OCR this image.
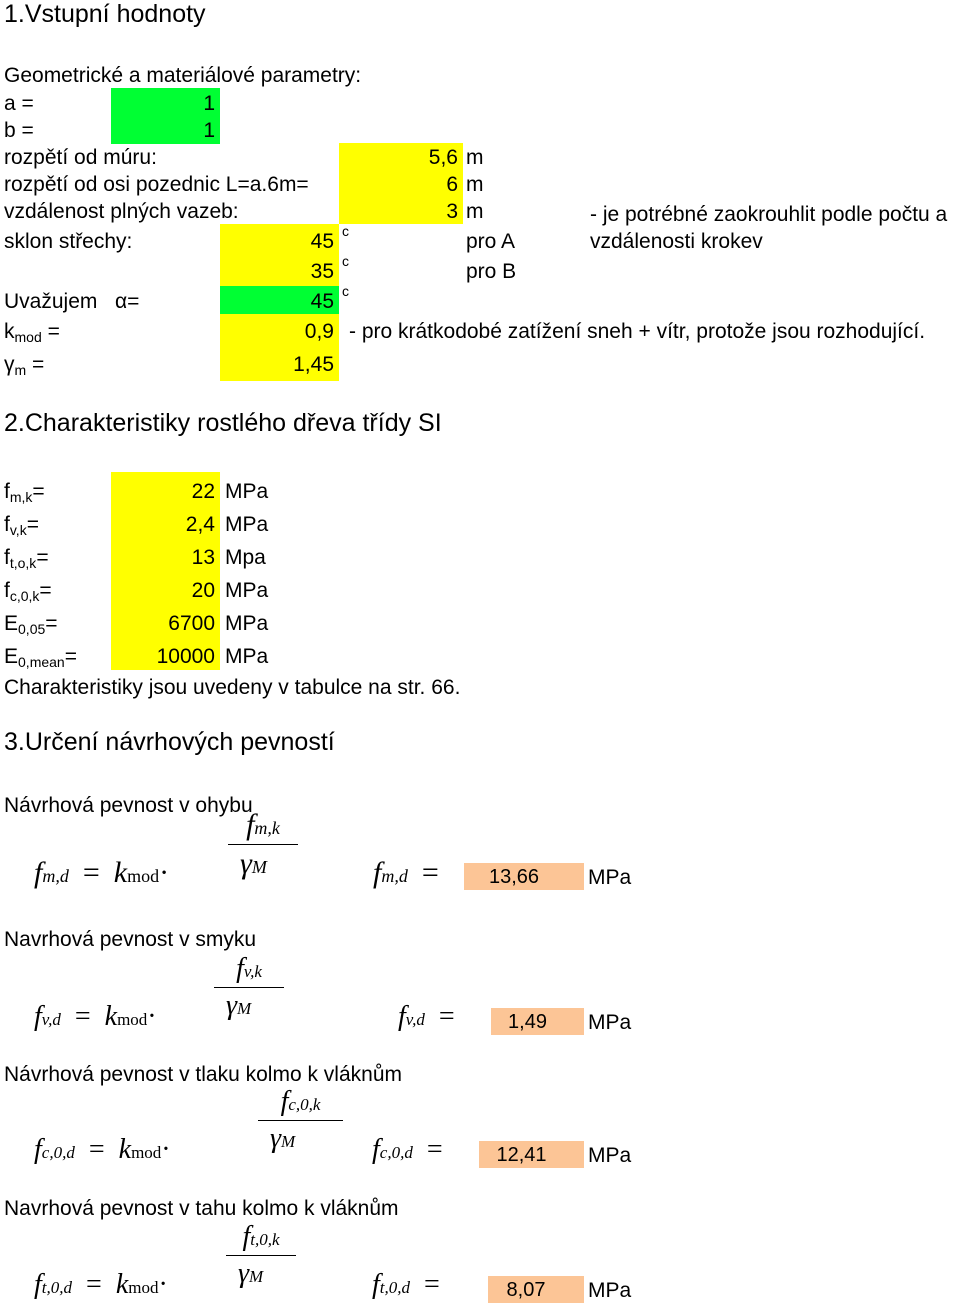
1.Vstupní hodnoty
Geometrické a materiálové parametry:
a =	1
b =	1
rozpětí od múru:	5,6 m
rozpětí od osi pozednic L=a.6m=	6 m
vzdálenost plných vazeb:	3 m	- je potrébné zaokrouhlit podle počtu a
vzdálenosti krokev
sklon střechy:	45 c	pro A
35 c	pro B
Uvažujem α=	45 c
$k_{mod}$ =	0,9 - pro krátkodobé zatížení sneh + vítr, protože jsou rozhodující.
$\gamma_m$ =	1,45
2.Charakteristiky rostlého dřeva třídy SI
$f_{m,k}=$	22 MPa
$f_{v,k}=$	2,4 MPa
$f_{t,o,k}=$	13 Mpa
$f_{c,0,k}=$	20 MPa
$E_{0,05}=$	6700 MPa
$E_{0,mean}=$	10000 MPa
Charakteristiky jsou uvedeny v tabulce na str. 66.
3.Určení návrhových pevností
Návrhová pevnost v ohybu
fm,d = kmod·
fm,k
γM	fm,d =	13,66	MPa
Navrhová pevnost v smyku
fv,d = kmod·
fv,k
γM	fv,d =	1,49	MPa
Návrhová pevnost v tlaku kolmo k vláknům
fc,0,d = kmod·
fc,0,k
γM	fc,0,d =	12,41	MPa
Navrhová pevnost v tahu kolmo k vláknům
ft,0,d = kmod·
ft,0,k
γM	ft,0,d =	8,07	MPa
